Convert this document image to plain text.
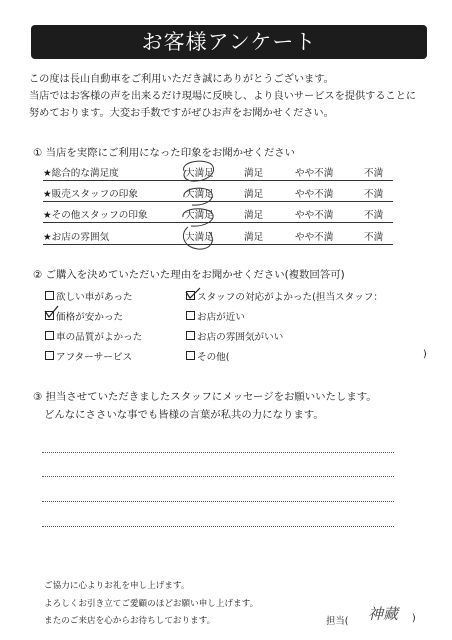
お客様アンケート
この度は長山自動車をご利用いただき誠にありがとうございます。
当店ではお客様の声を出来るだけ現場に反映し、より良いサービスを提供することに
努めております。大変お手数ですがぜひお声をお聞かせください。
① 当店を実際にご利用になった印象をお聞かせください
★総合的な満足度	大満足	満足	やや不満	不満
★販売スタッフの印象	大満足	満足	やや不満	不満
★その他スタッフの印象	大満足	満足	やや不満	不満
★お店の雰囲気	大満足	満足	やや不満	不満
② ご購入を決めていただいた理由をお聞かせください(複数回答可)
欲しい車があった	スタッフの対応がよかった(担当スタッフ：
価格が安かった	お店が近い
車の品質がよかった	お店の雰囲気がいい
アフターサービス	その他(	)
③ 担当させていただきましたスタッフにメッセージをお願いいたします。
どんなにささいな事でも皆様の言葉が私共の力になります。
ご協力に心よりお礼を申し上げます。
よろしくお引き立てご愛顧のほどお願い申し上げます。
またのご来店を心からお待ちしております。	担当( 神藏 )
